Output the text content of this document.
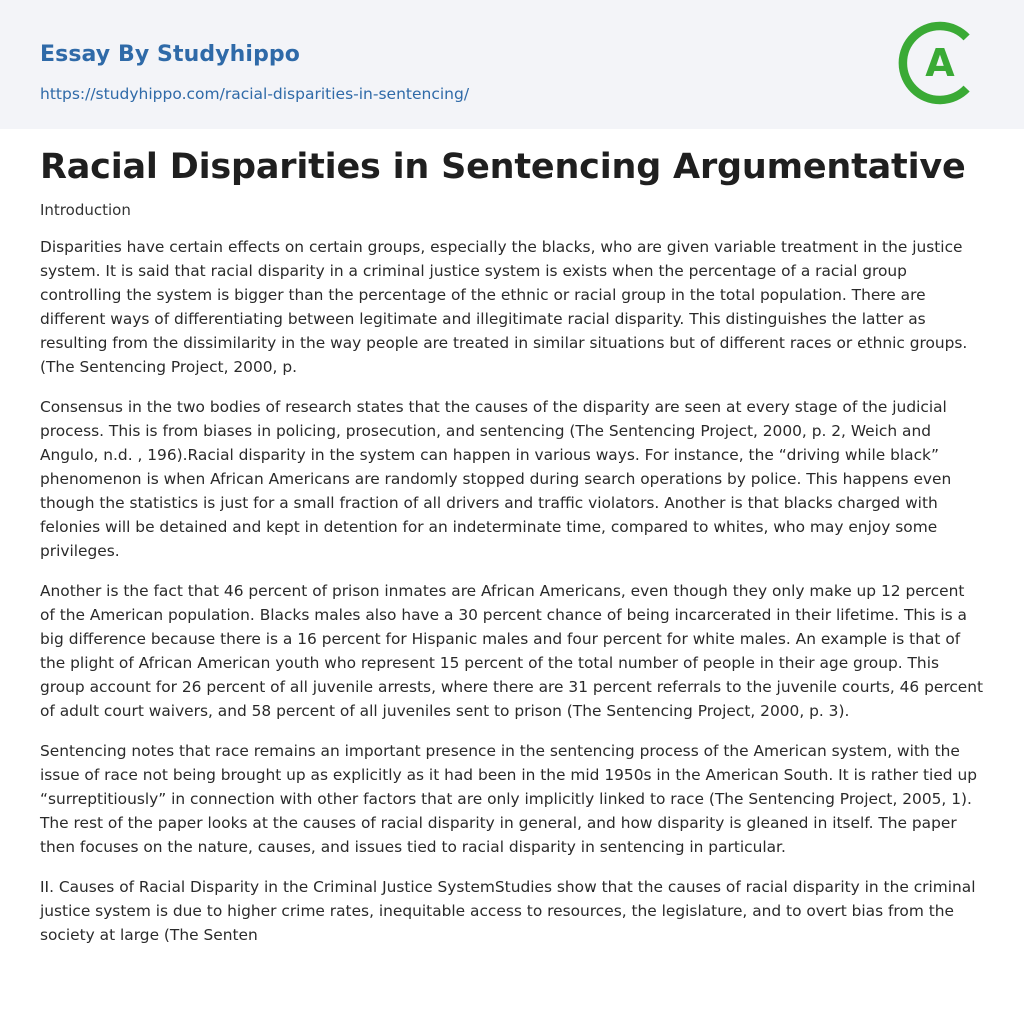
Essay By Studyhippo
https://studyhippo.com/racial-disparities-in-sentencing/
A
Racial Disparities in Sentencing Argumentative
Introduction

Disparities have certain effects on certain groups, especially the blacks, who are given variable treatment in the justice system. It is said that racial disparity in a criminal justice system is exists when the percentage of a racial group controlling the system is bigger than the percentage of the ethnic or racial group in the total population. There are different ways of differentiating between legitimate and illegitimate racial disparity. This distinguishes the latter as resulting from the dissimilarity in the way people are treated in similar situations but of different races or ethnic groups. (The Sentencing Project, 2000, p.

Consensus in the two bodies of research states that the causes of the disparity are seen at every stage of the judicial process. This is from biases in policing, prosecution, and sentencing (The Sentencing Project, 2000, p. 2, Weich and Angulo, n.d. , 196).Racial disparity in the system can happen in various ways. For instance, the “driving while black” phenomenon is when African Americans are randomly stopped during search operations by police. This happens even though the statistics is just for a small fraction of all drivers and traffic violators. Another is that blacks charged with felonies will be detained and kept in detention for an indeterminate time, compared to whites, who may enjoy some privileges.

Another is the fact that 46 percent of prison inmates are African Americans, even though they only make up 12 percent of the American population. Blacks males also have a 30 percent chance of being incarcerated in their lifetime. This is a big difference because there is a 16 percent for Hispanic males and four percent for white males. An example is that of the plight of African American youth who represent 15 percent of the total number of people in their age group. This group account for 26 percent of all juvenile arrests, where there are 31 percent referrals to the juvenile courts, 46 percent of adult court waivers, and 58 percent of all juveniles sent to prison (The Sentencing Project, 2000, p. 3).

Sentencing notes that race remains an important presence in the sentencing process of the American system, with the issue of race not being brought up as explicitly as it had been in the mid 1950s in the American South. It is rather tied up “surreptitiously” in connection with other factors that are only implicitly linked to race (The Sentencing Project, 2005, 1). The rest of the paper looks at the causes of racial disparity in general, and how disparity is gleaned in itself. The paper then focuses on the nature, causes, and issues tied to racial disparity in sentencing in particular.

II. Causes of Racial Disparity in the Criminal Justice SystemStudies show that the causes of racial disparity in the criminal justice system is due to higher crime rates, inequitable access to resources, the legislature, and to overt bias from the society at large (The Senten
